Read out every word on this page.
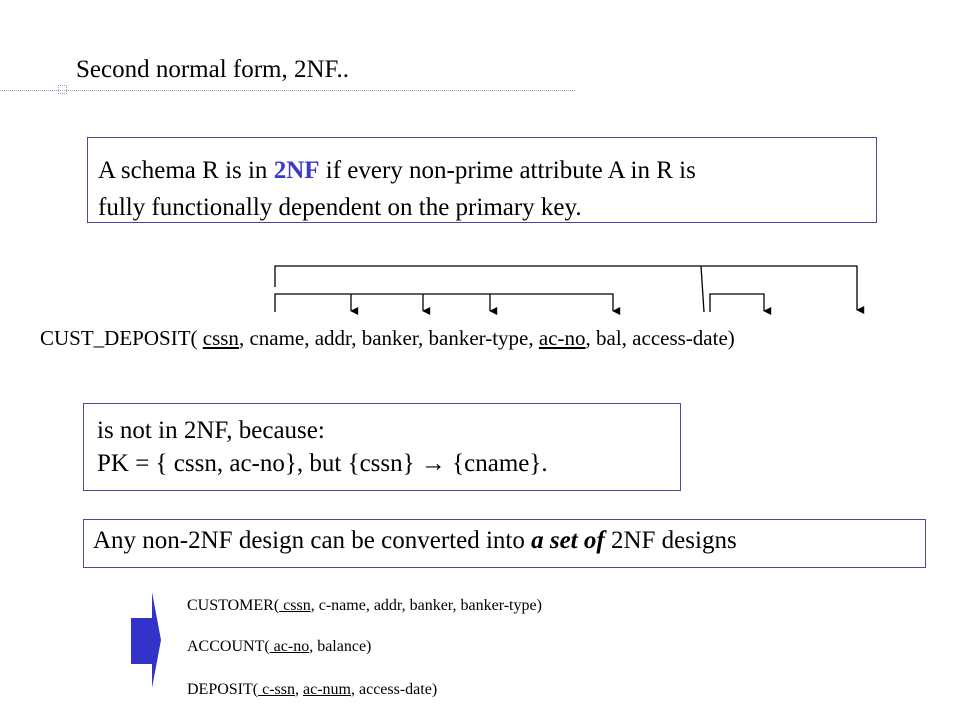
Second normal form, 2NF..
A schema R is in 2NF if every non-prime attribute A in R is
fully functionally dependent on the primary key.
CUST_DEPOSIT( cssn, cname, addr, banker, banker-type, ac-no, bal, access-date)
is not in 2NF, because:
PK = { cssn, ac-no}, but {cssn} → {cname}.
Any non-2NF design can be converted into a set of 2NF designs
CUSTOMER( cssn, c-name, addr, banker, banker-type)
ACCOUNT( ac-no, balance)
DEPOSIT( c-ssn, ac-num, access-date)
